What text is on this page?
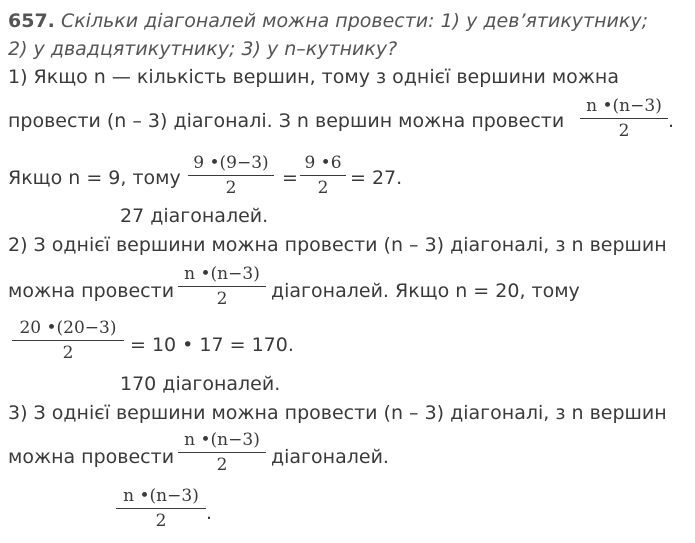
657. Скільки діагоналей можна провести: 1) у дев’ятикутнику;
2) у двадцятикутнику; 3) у n–кутнику?
1) Якщо n — кількість вершин, тому з однієї вершини можна
провести (n – 3) діагоналі. З n вершин можна провести
n •(n−3)
2	.
Якщо n = 9, тому
9 •(9−3)
2	=
9 •6
2	= 27.
27 діагоналей.
2) З однієї вершини можна провести (n – 3) діагоналі, з n вершин
можна провести
n •(n−3)
2	діагоналей. Якщо n = 20, тому
20 •(20−3)
2	= 10 • 17 = 170.
170 діагоналей.
3) З однієї вершини можна провести (n – 3) діагоналі, з n вершин
можна провести
n •(n−3)
2	діагоналей.
n •(n−3)
2	.
